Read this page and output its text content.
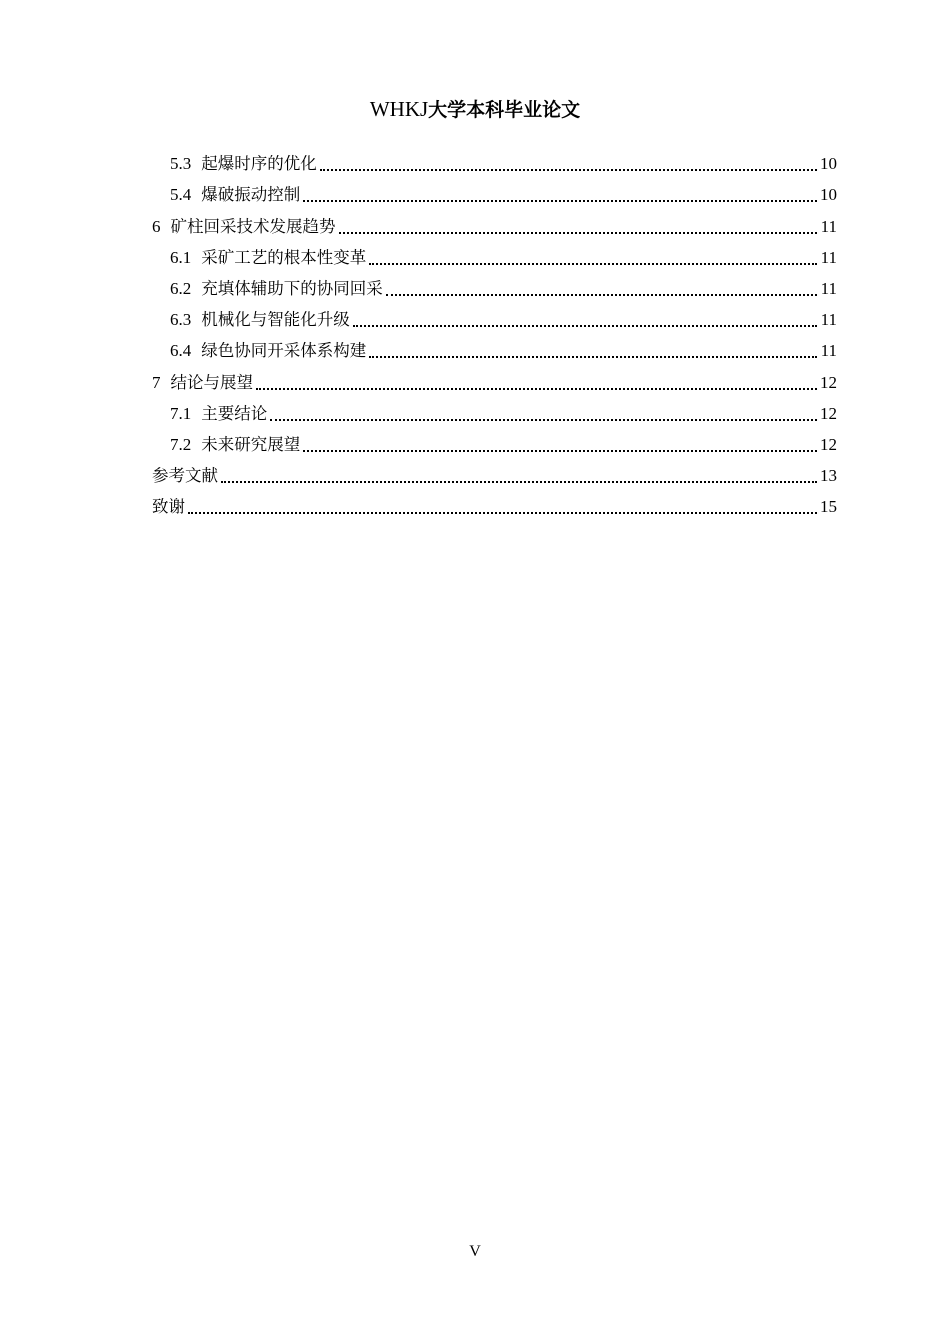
WHKJ大学本科毕业论文
5.3 起爆时序的优化	10
5.4 爆破振动控制	10
6 矿柱回采技术发展趋势	11
6.1 采矿工艺的根本性变革	11
6.2 充填体辅助下的协同回采	11
6.3 机械化与智能化升级	11
6.4 绿色协同开采体系构建	11
7 结论与展望	12
7.1 主要结论	12
7.2 未来研究展望	12
参考文献	13
致谢	15
V
